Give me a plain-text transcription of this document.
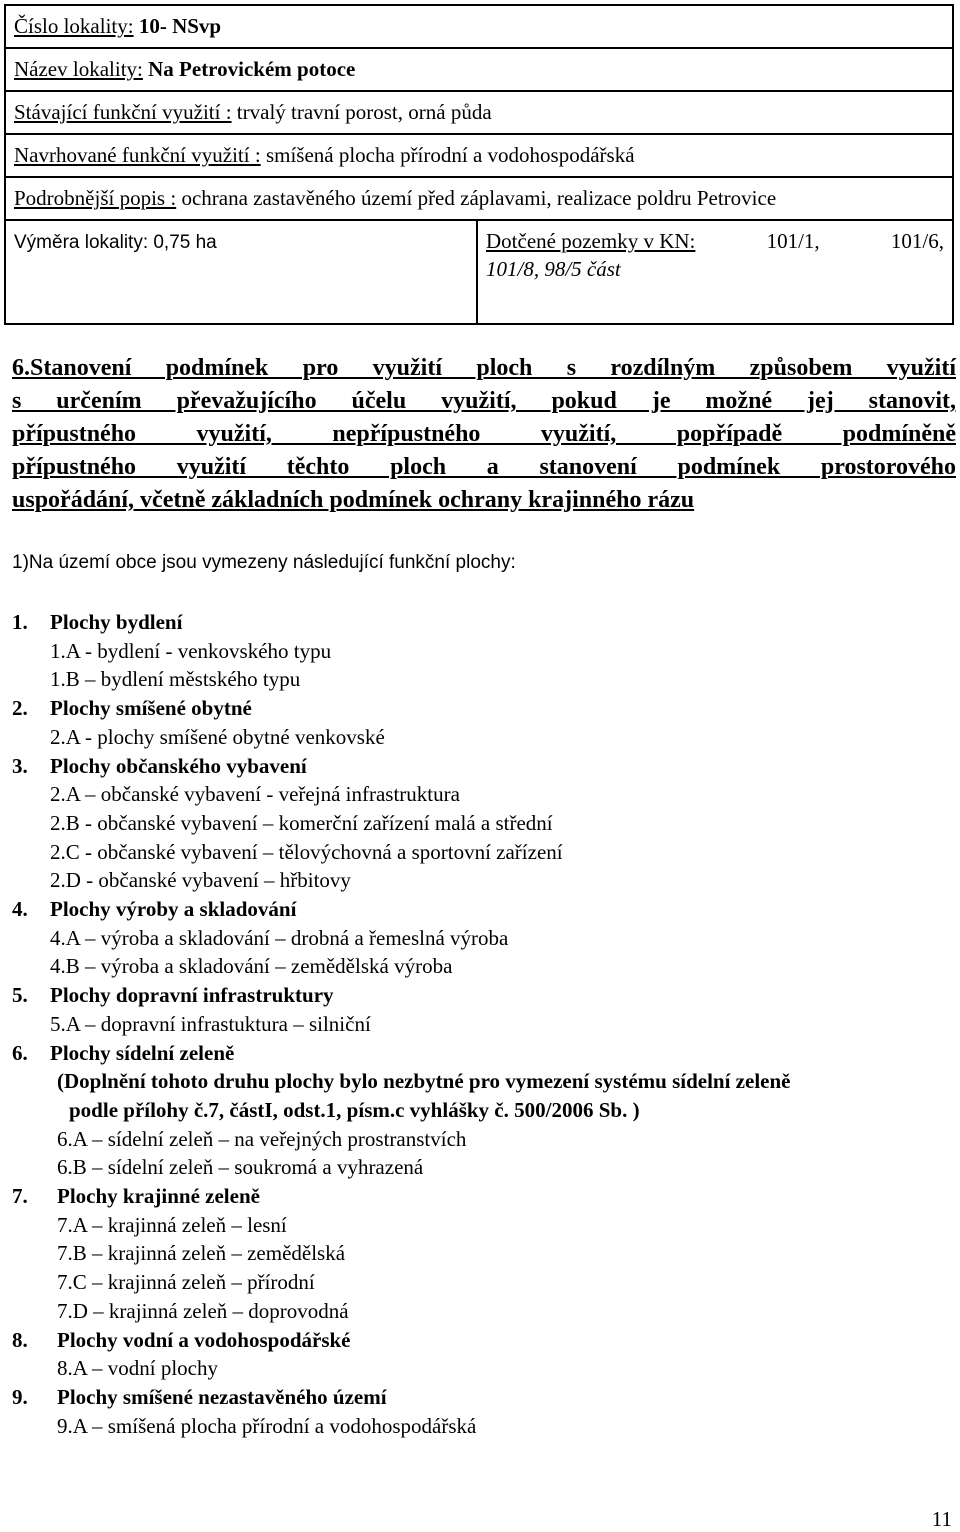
Číslo lokality: 10- NSvp
Název lokality: Na Petrovickém potoce
Stávající funkční využití : trvalý travní porost, orná půda
Navrhované funkční využití : smíšená plocha přírodní a vodohospodářská
Podrobnější popis : ochrana zastavěného území před záplavami, realizace poldru Petrovice
Výměra lokality: 0,75 ha	Dotčené pozemky v KN:	101/1,	101/6,
101/8, 98/5 část
6.Stanovení podmínek pro využití ploch s rozdílným způsobem využití
s určením převažujícího účelu využití, pokud je možné jej stanovit,
přípustného využití, nepřípustného využití, popřípadě podmíněně
přípustného využití těchto ploch a stanovení podmínek prostorového
uspořádání, včetně základních podmínek ochrany krajinného rázu
1)Na území obce jsou vymezeny následující funkční plochy:
1.	Plochy bydlení
1.A - bydlení - venkovského typu
1.B – bydlení městského typu
2.	Plochy smíšené obytné
2.A - plochy smíšené obytné venkovské
3.	Plochy občanského vybavení
2.A – občanské vybavení - veřejná infrastruktura
2.B - občanské vybavení – komerční zařízení malá a střední
2.C - občanské vybavení – tělovýchovná a sportovní zařízení
2.D - občanské vybavení – hřbitovy
4.	Plochy výroby a skladování
4.A – výroba a skladování – drobná a řemeslná výroba
4.B – výroba a skladování – zemědělská výroba
5.	Plochy dopravní infrastruktury
5.A – dopravní infrastuktura – silniční
6.	Plochy sídelní zeleně
(Doplnění tohoto druhu plochy bylo nezbytné pro vymezení systému sídelní zeleně
podle přílohy č.7, částI, odst.1, písm.c vyhlášky č. 500/2006 Sb. )
6.A – sídelní zeleň – na veřejných prostranstvích
6.B – sídelní zeleň – soukromá a vyhrazená
7.	Plochy krajinné zeleně
7.A – krajinná zeleň – lesní
7.B – krajinná zeleň – zemědělská
7.C – krajinná zeleň – přírodní
7.D – krajinná zeleň – doprovodná
8.	Plochy vodní a vodohospodářské
8.A – vodní plochy
9.	Plochy smíšené nezastavěného území
9.A – smíšená plocha přírodní a vodohospodářská
11
